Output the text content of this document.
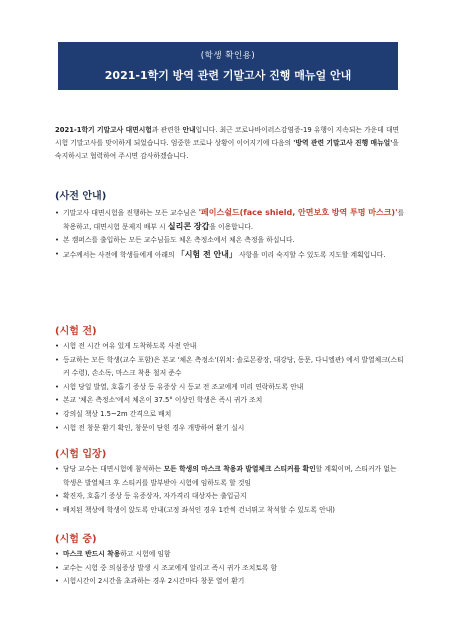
(학생 확인용)
2021-1학기 방역 관련 기말고사 진행 매뉴얼 안내
2021-1학기 기말고사 대면시험과 관련한 안내입니다. 최근 코로나바이러스감염증-19 유행이 지속되는 가운데 대면시험 기말고사를 맞이하게 되었습니다. 엄중한 코로나 상황이 이어지기에 다음의 '방역 관련 기말고사 진행 매뉴얼'을 숙지하시고 협력하여 주시면 감사하겠습니다.
(사전 안내)
• 기말고사 대면시험을 진행하는 모든 교수님은 '페이스쉴드(face shield, 안면보호 방역 투명 마스크)'를 착용하고, 대면시험 문제지 배부 시 실리콘 장갑을 이용합니다.
• 본 캠퍼스를 출입하는 모든 교수님들도 체온 측정소에서 체온 측정을 하십니다.
• 교수께서는 사전에 학생들에게 아래의 「시험 전 안내」 사항을 미리 숙지할 수 있도록 지도할 계획입니다.
(시험 전)
• 시험 전 시간 여유 있게 도착하도록 사전 안내
• 등교하는 모든 학생(교수 포함)은 본교 '체온 측정소'(위치: 솔로몬광장, 대강당, 동문, 다니엘관) 에서 발열체크(스티커 수령), 손소독, 마스크 착용 철저 준수
• 시험 당일 발열, 호흡기 증상 등 유증상 시 등교 전 조교에게 미리 연락하도록 안내
• 본교 '체온 측정소'에서 체온이 37.5° 이상인 학생은 즉시 귀가 조치
• 강의실 책상 1.5~2m 간격으로 배치
• 시험 전 창문 환기 확인, 창문이 닫힌 경우 개방하여 환기 실시
(시험 입장)
• 담당 교수는 대면시험에 참석하는 모든 학생의 마스크 착용과 발열체크 스티커를 확인할 계획이며, 스티커가 없는 학생은 발열체크 후 스티커를 발부받아 시험에 임하도록 할 것임
• 확진자, 호흡기 증상 등 유증상자, 자가격리 대상자는 출입금지
• 배치된 책상에 학생이 앉도록 안내(고정 좌석인 경우 1칸씩 건너뛰고 착석할 수 있도록 안내)
(시험 중)
• 마스크 반드시 착용하고 시험에 임함
• 교수는 시험 중 의심증상 발생 시 조교에게 알리고 즉시 귀가 조치토록 함
• 시험시간이 2시간을 초과하는 경우 2시간마다 창문 열어 환기
